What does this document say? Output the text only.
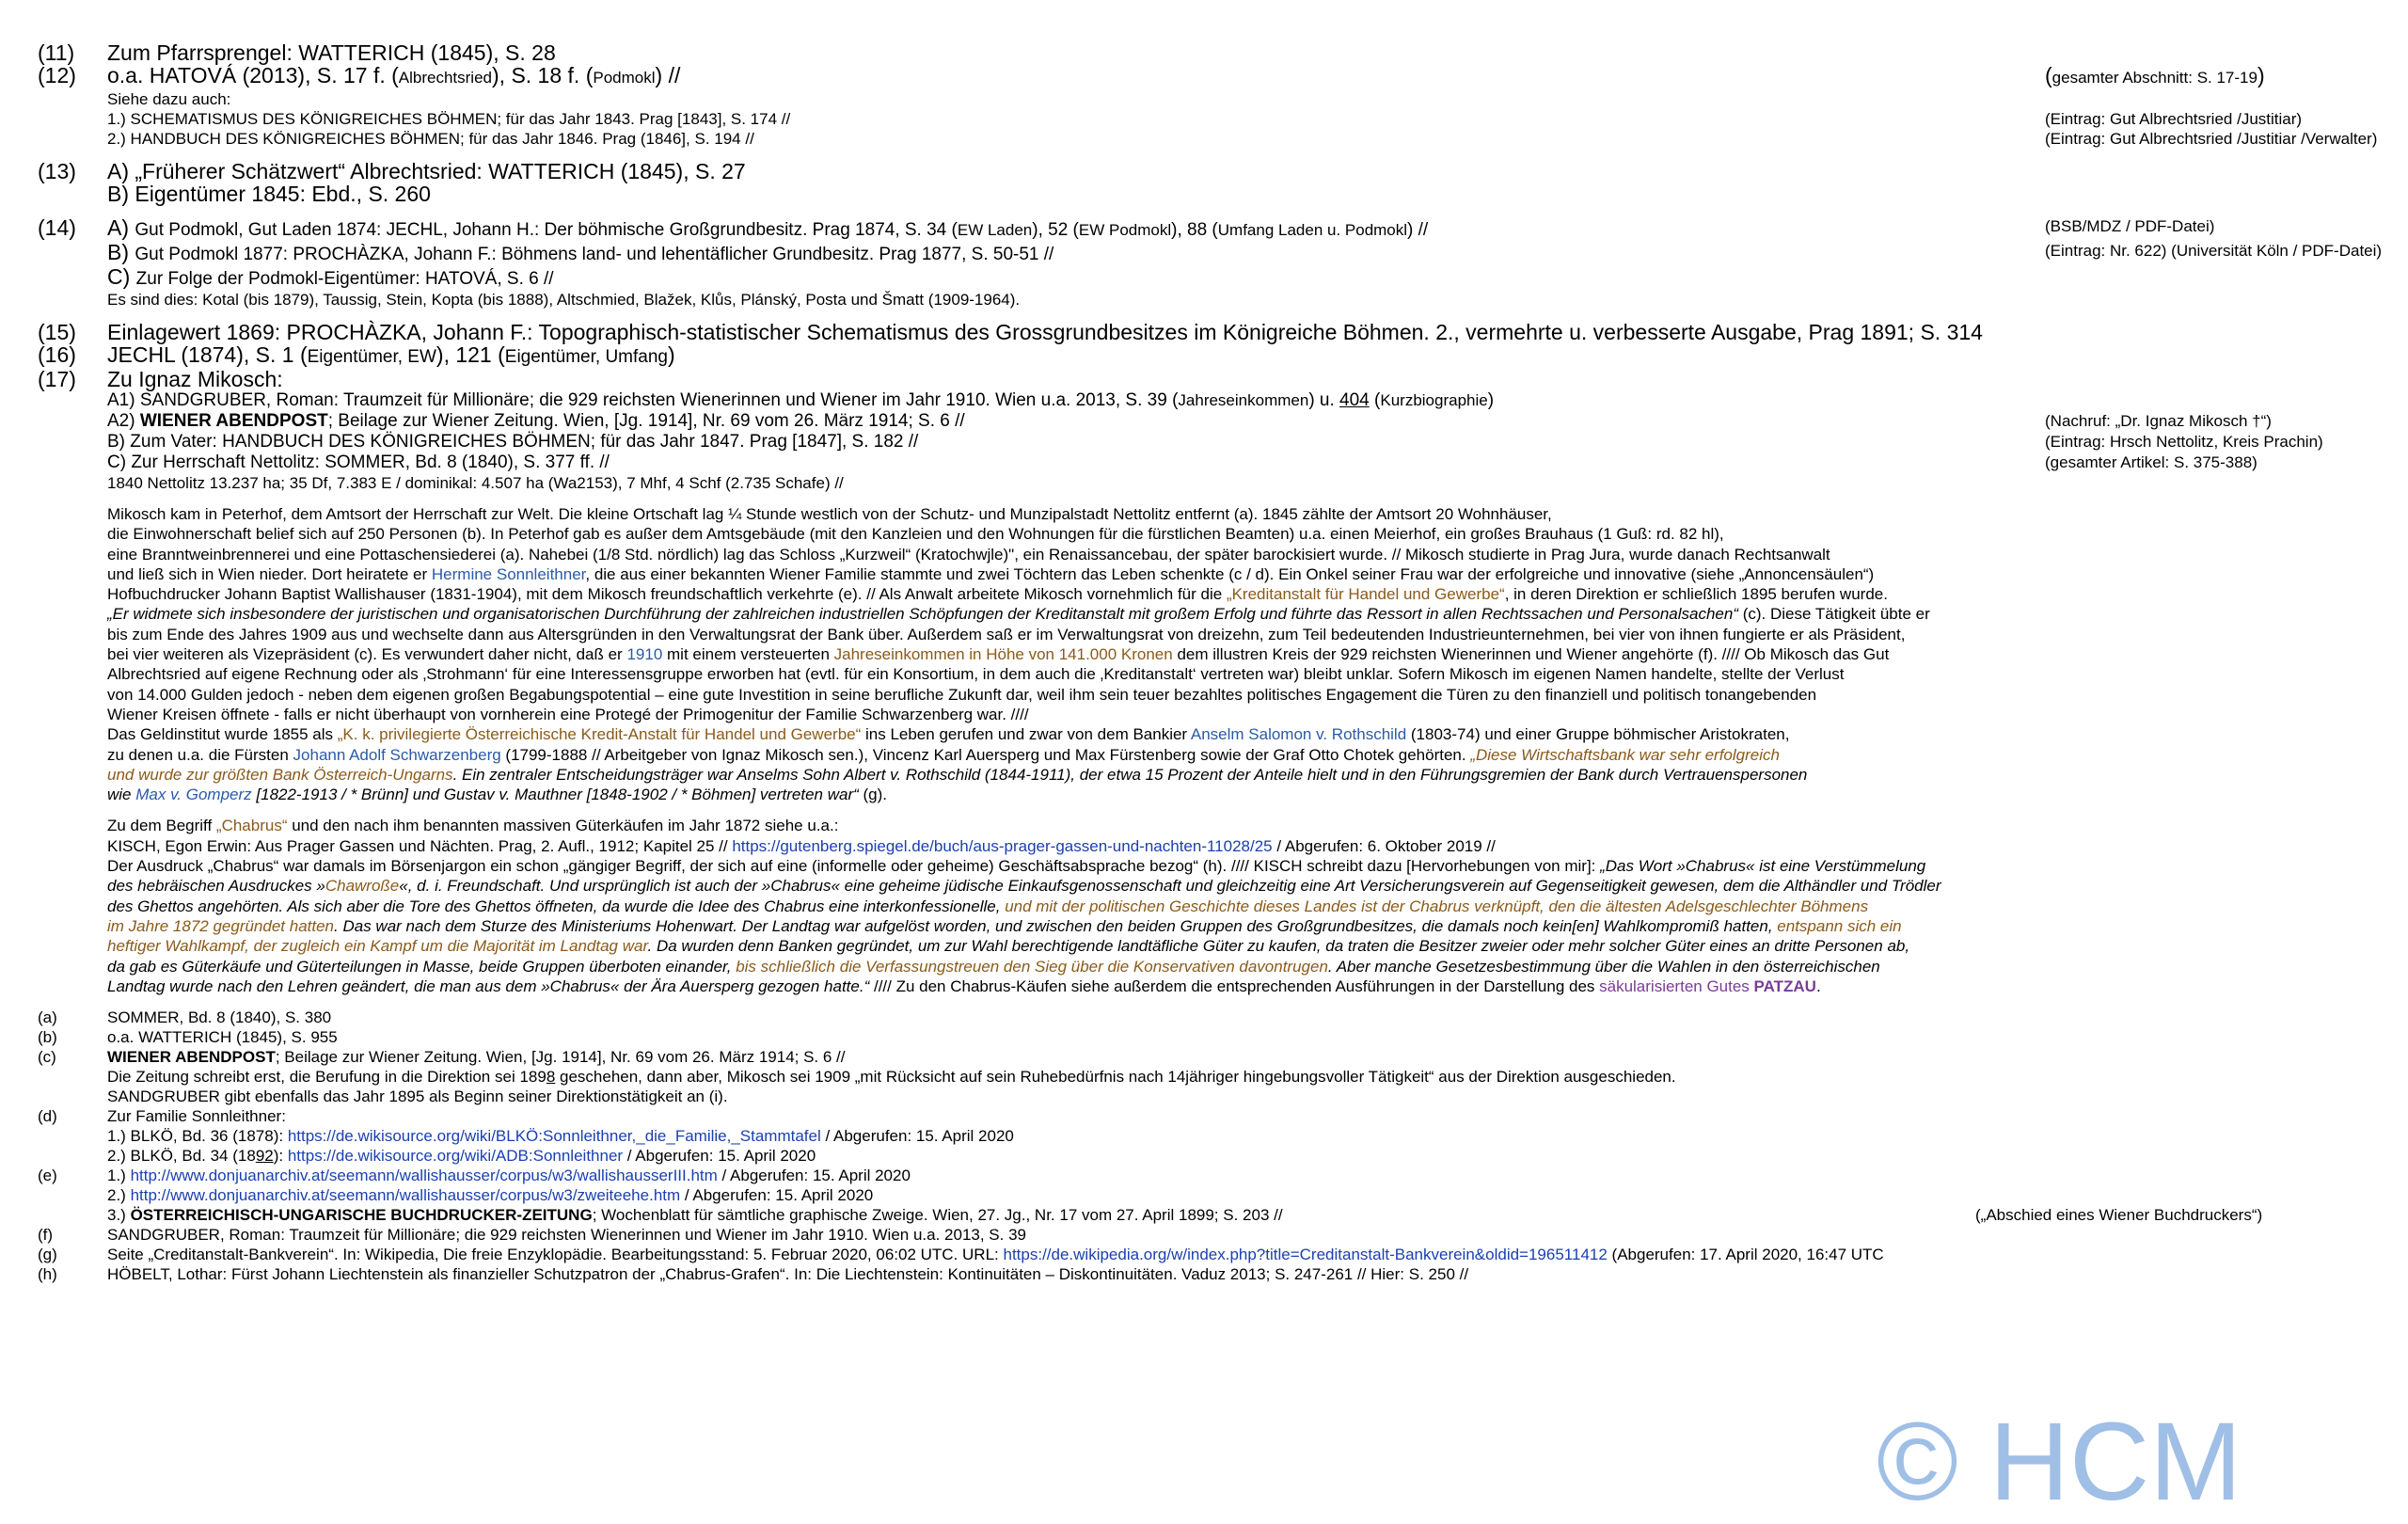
(11)	Zum Pfarrsprengel: WATTERICH (1845), S. 28
(12)	o.a. HATOVÁ (2013), S. 17 f. (Albrechtsried), S. 18 f. (Podmokl) //	(gesamter Abschnitt: S. 17-19)
Siehe dazu auch:
1.) SCHEMATISMUS DES KÖNIGREICHES BÖHMEN; für das Jahr 1843. Prag [1843], S. 174 //	(Eintrag: Gut Albrechtsried /Justitiar)
2.) HANDBUCH DES KÖNIGREICHES BÖHMEN; für das Jahr 1846. Prag (1846], S. 194 //	(Eintrag: Gut Albrechtsried /Justitiar /Verwalter)
(13)	A) „Früherer Schätzwert“ Albrechtsried: WATTERICH (1845), S. 27
B) Eigentümer 1845: Ebd., S. 260
(14)	A) Gut Podmokl, Gut Laden 1874: JECHL, Johann H.: Der böhmische Großgrundbesitz. Prag 1874, S. 34 (EW Laden), 52 (EW Podmokl), 88 (Umfang Laden u. Podmokl) //	(BSB/MDZ / PDF-Datei)
B) Gut Podmokl 1877: PROCHÀZKA, Johann F.: Böhmens land- und lehentäflicher Grundbesitz. Prag 1877, S. 50-51 //	(Eintrag: Nr. 622) (Universität Köln / PDF-Datei)
C) Zur Folge der Podmokl-Eigentümer: HATOVÁ, S. 6 //
Es sind dies: Kotal (bis 1879), Taussig, Stein, Kopta (bis 1888), Altschmied, Blažek, Klůs, Plánský, Posta und Šmatt (1909-1964).
(15)	Einlagewert 1869: PROCHÀZKA, Johann F.: Topographisch-statistischer Schematismus des Grossgrundbesitzes im Königreiche Böhmen. 2., vermehrte u. verbesserte Ausgabe, Prag 1891; S. 314
(16)	JECHL (1874), S. 1 (Eigentümer, EW), 121 (Eigentümer, Umfang)
(17)	Zu Ignaz Mikosch:
A1) SANDGRUBER, Roman: Traumzeit für Millionäre; die 929 reichsten Wienerinnen und Wiener im Jahr 1910. Wien u.a. 2013, S. 39 (Jahreseinkommen) u. 404 (Kurzbiographie)
A2) WIENER ABENDPOST; Beilage zur Wiener Zeitung. Wien, [Jg. 1914], Nr. 69 vom 26. März 1914; S. 6 //	(Nachruf: „Dr. Ignaz Mikosch †“)
B) Zum Vater: HANDBUCH DES KÖNIGREICHES BÖHMEN; für das Jahr 1847. Prag [1847], S. 182 //	(Eintrag: Hrsch Nettolitz, Kreis Prachin)
C) Zur Herrschaft Nettolitz: SOMMER, Bd. 8 (1840), S. 377 ff. //	(gesamter Artikel: S. 375-388)
1840 Nettolitz 13.237 ha; 35 Df, 7.383 E / dominikal: 4.507 ha (Wa2153), 7 Mhf, 4 Schf (2.735 Schafe) //

Mikosch kam in Peterhof, dem Amtsort der Herrschaft zur Welt. Die kleine Ortschaft lag ¼ Stunde westlich von der Schutz- und Munzipalstadt Nettolitz entfernt (a). 1845 zählte der Amtsort 20 Wohnhäuser,

die Einwohnerschaft belief sich auf 250 Personen (b). In Peterhof gab es außer dem Amtsgebäude (mit den Kanzleien und den Wohnungen für die fürstlichen Beamten) u.a. einen Meierhof, ein großes Brauhaus (1 Guß: rd. 82 hl),

eine Branntweinbrennerei und eine Pottaschensiederei (a). Nahebei (1/8 Std. nördlich) lag das Schloss „Kurzweil“ (Kratochwjle)", ein Renaissancebau, der später barockisiert wurde. // Mikosch studierte in Prag Jura, wurde danach Rechtsanwalt

und ließ sich in Wien nieder. Dort heiratete er Hermine Sonnleithner, die aus einer bekannten Wiener Familie stammte und zwei Töchtern das Leben schenkte (c / d). Ein Onkel seiner Frau war der erfolgreiche und innovative (siehe „Annoncensäulen“)

Hofbuchdrucker Johann Baptist Wallishauser (1831-1904), mit dem Mikosch freundschaftlich verkehrte (e). // Als Anwalt arbeitete Mikosch vornehmlich für die „Kreditanstalt für Handel und Gewerbe“, in deren Direktion er schließlich 1895 berufen wurde.

„Er widmete sich insbesondere der juristischen und organisatorischen Durchführung der zahlreichen industriellen Schöpfungen der Kreditanstalt mit großem Erfolg und führte das Ressort in allen Rechtssachen und Personalsachen“ (c). Diese Tätigkeit übte er

bis zum Ende des Jahres 1909 aus und wechselte dann aus Altersgründen in den Verwaltungsrat der Bank über. Außerdem saß er im Verwaltungsrat von dreizehn, zum Teil bedeutenden Industrieunternehmen, bei vier von ihnen fungierte er als Präsident,

bei vier weiteren als Vizepräsident (c). Es verwundert daher nicht, daß er 1910 mit einem versteuerten Jahreseinkommen in Höhe von 141.000 Kronen dem illustren Kreis der 929 reichsten Wienerinnen und Wiener angehörte (f). //// Ob Mikosch das Gut

Albrechtsried auf eigene Rechnung oder als ‚Strohmann‘ für eine Interessensgruppe erworben hat (evtl. für ein Konsortium, in dem auch die ‚Kreditanstalt‘ vertreten war) bleibt unklar. Sofern Mikosch im eigenen Namen handelte, stellte der Verlust

von 14.000 Gulden jedoch - neben dem eigenen großen Begabungspotential – eine gute Investition in seine berufliche Zukunft dar, weil ihm sein teuer bezahltes politisches Engagement die Türen zu den finanziell und politisch tonangebenden

Wiener Kreisen öffnete - falls er nicht überhaupt von vornherein eine Protegé der Primogenitur der Familie Schwarzenberg war. ////

Das Geldinstitut wurde 1855 als „K. k. privilegierte Österreichische Kredit-Anstalt für Handel und Gewerbe“ ins Leben gerufen und zwar von dem Bankier Anselm Salomon v. Rothschild (1803-74) und einer Gruppe böhmischer Aristokraten,

zu denen u.a. die Fürsten Johann Adolf Schwarzenberg (1799-1888 // Arbeitgeber von Ignaz Mikosch sen.), Vincenz Karl Auersperg und Max Fürstenberg sowie der Graf Otto Chotek gehörten. „Diese Wirtschaftsbank war sehr erfolgreich

und wurde zur größten Bank Österreich-Ungarns. Ein zentraler Entscheidungsträger war Anselms Sohn Albert v. Rothschild (1844-1911), der etwa 15 Prozent der Anteile hielt und in den Führungsgremien der Bank durch Vertrauenspersonen

wie Max v. Gomperz [1822-1913 / * Brünn] und Gustav v. Mauthner [1848-1902 / * Böhmen] vertreten war“ (g).

Zu dem Begriff „Chabrus“ und den nach ihm benannten massiven Güterkäufen im Jahr 1872 siehe u.a.:

KISCH, Egon Erwin: Aus Prager Gassen und Nächten. Prag, 2. Aufl., 1912; Kapitel 25 // https://gutenberg.spiegel.de/buch/aus-prager-gassen-und-nachten-11028/25 / Abgerufen: 6. Oktober 2019 //

Der Ausdruck „Chabrus“ war damals im Börsenjargon ein schon „gängiger Begriff, der sich auf eine (informelle oder geheime) Geschäftsabsprache bezog“ (h). //// KISCH schreibt dazu [Hervorhebungen von mir]: „Das Wort »Chabrus« ist eine Verstümmelung

des hebräischen Ausdruckes »Chawroße«, d. i. Freundschaft. Und ursprünglich ist auch der »Chabrus« eine geheime jüdische Einkaufsgenossenschaft und gleichzeitig eine Art Versicherungsverein auf Gegenseitigkeit gewesen, dem die Althändler und Trödler

des Ghettos angehörten. Als sich aber die Tore des Ghettos öffneten, da wurde die Idee des Chabrus eine interkonfessionelle, und mit der politischen Geschichte dieses Landes ist der Chabrus verknüpft, den die ältesten Adelsgeschlechter Böhmens

im Jahre 1872 gegründet hatten. Das war nach dem Sturze des Ministeriums Hohenwart. Der Landtag war aufgelöst worden, und zwischen den beiden Gruppen des Großgrundbesitzes, die damals noch kein[en] Wahlkompromiß hatten, entspann sich ein

heftiger Wahlkampf, der zugleich ein Kampf um die Majorität im Landtag war. Da wurden denn Banken gegründet, um zur Wahl berechtigende landtäfliche Güter zu kaufen, da traten die Besitzer zweier oder mehr solcher Güter eines an dritte Personen ab,

da gab es Güterkäufe und Güterteilungen in Masse, beide Gruppen überboten einander, bis schließlich die Verfassungstreuen den Sieg über die Konservativen davontrugen. Aber manche Gesetzesbestimmung über die Wahlen in den österreichischen

Landtag wurde nach den Lehren geändert, die man aus dem »Chabrus« der Ära Auersperg gezogen hatte.“ //// Zu den Chabrus-Käufen siehe außerdem die entsprechenden Ausführungen in der Darstellung des säkularisierten Gutes PATZAU.

(a)	SOMMER, Bd. 8 (1840), S. 380
(b)	o.a. WATTERICH (1845), S. 955
(c)	WIENER ABENDPOST; Beilage zur Wiener Zeitung. Wien, [Jg. 1914], Nr. 69 vom 26. März 1914; S. 6 //
Die Zeitung schreibt erst, die Berufung in die Direktion sei 1898 geschehen, dann aber, Mikosch sei 1909 „mit Rücksicht auf sein Ruhebedürfnis nach 14jähriger hingebungsvoller Tätigkeit“ aus der Direktion ausgeschieden.
SANDGRUBER gibt ebenfalls das Jahr 1895 als Beginn seiner Direktionstätigkeit an (i).
(d)	Zur Familie Sonnleithner:
1.) BLKÖ, Bd. 36 (1878): https://de.wikisource.org/wiki/BLKÖ:Sonnleithner,_die_Familie,_Stammtafel / Abgerufen: 15. April 2020
2.) BLKÖ, Bd. 34 (1892): https://de.wikisource.org/wiki/ADB:Sonnleithner / Abgerufen: 15. April 2020
(e)	1.) http://www.donjuanarchiv.at/seemann/wallishausser/corpus/w3/wallishausserIII.htm / Abgerufen: 15. April 2020
2.) http://www.donjuanarchiv.at/seemann/wallishausser/corpus/w3/zweiteehe.htm / Abgerufen: 15. April 2020
3.) ÖSTERREICHISCH-UNGARISCHE BUCHDRUCKER-ZEITUNG; Wochenblatt für sämtliche graphische Zweige. Wien, 27. Jg., Nr. 17 vom 27. April 1899; S. 203 //	(„Abschied eines Wiener Buchdruckers“)
(f)	SANDGRUBER, Roman: Traumzeit für Millionäre; die 929 reichsten Wienerinnen und Wiener im Jahr 1910. Wien u.a. 2013, S. 39
(g)	Seite „Creditanstalt-Bankverein“. In: Wikipedia, Die freie Enzyklopädie. Bearbeitungsstand: 5. Februar 2020, 06:02 UTC. URL: https://de.wikipedia.org/w/index.php?title=Creditanstalt-Bankverein&oldid=196511412 (Abgerufen: 17. April 2020, 16:47 UTC
(h)	HÖBELT, Lothar: Fürst Johann Liechtenstein als finanzieller Schutzpatron der „Chabrus-Grafen“. In: Die Liechtenstein: Kontinuitäten – Diskontinuitäten. Vaduz 2013; S. 247-261 // Hier: S. 250 //
© HCM
